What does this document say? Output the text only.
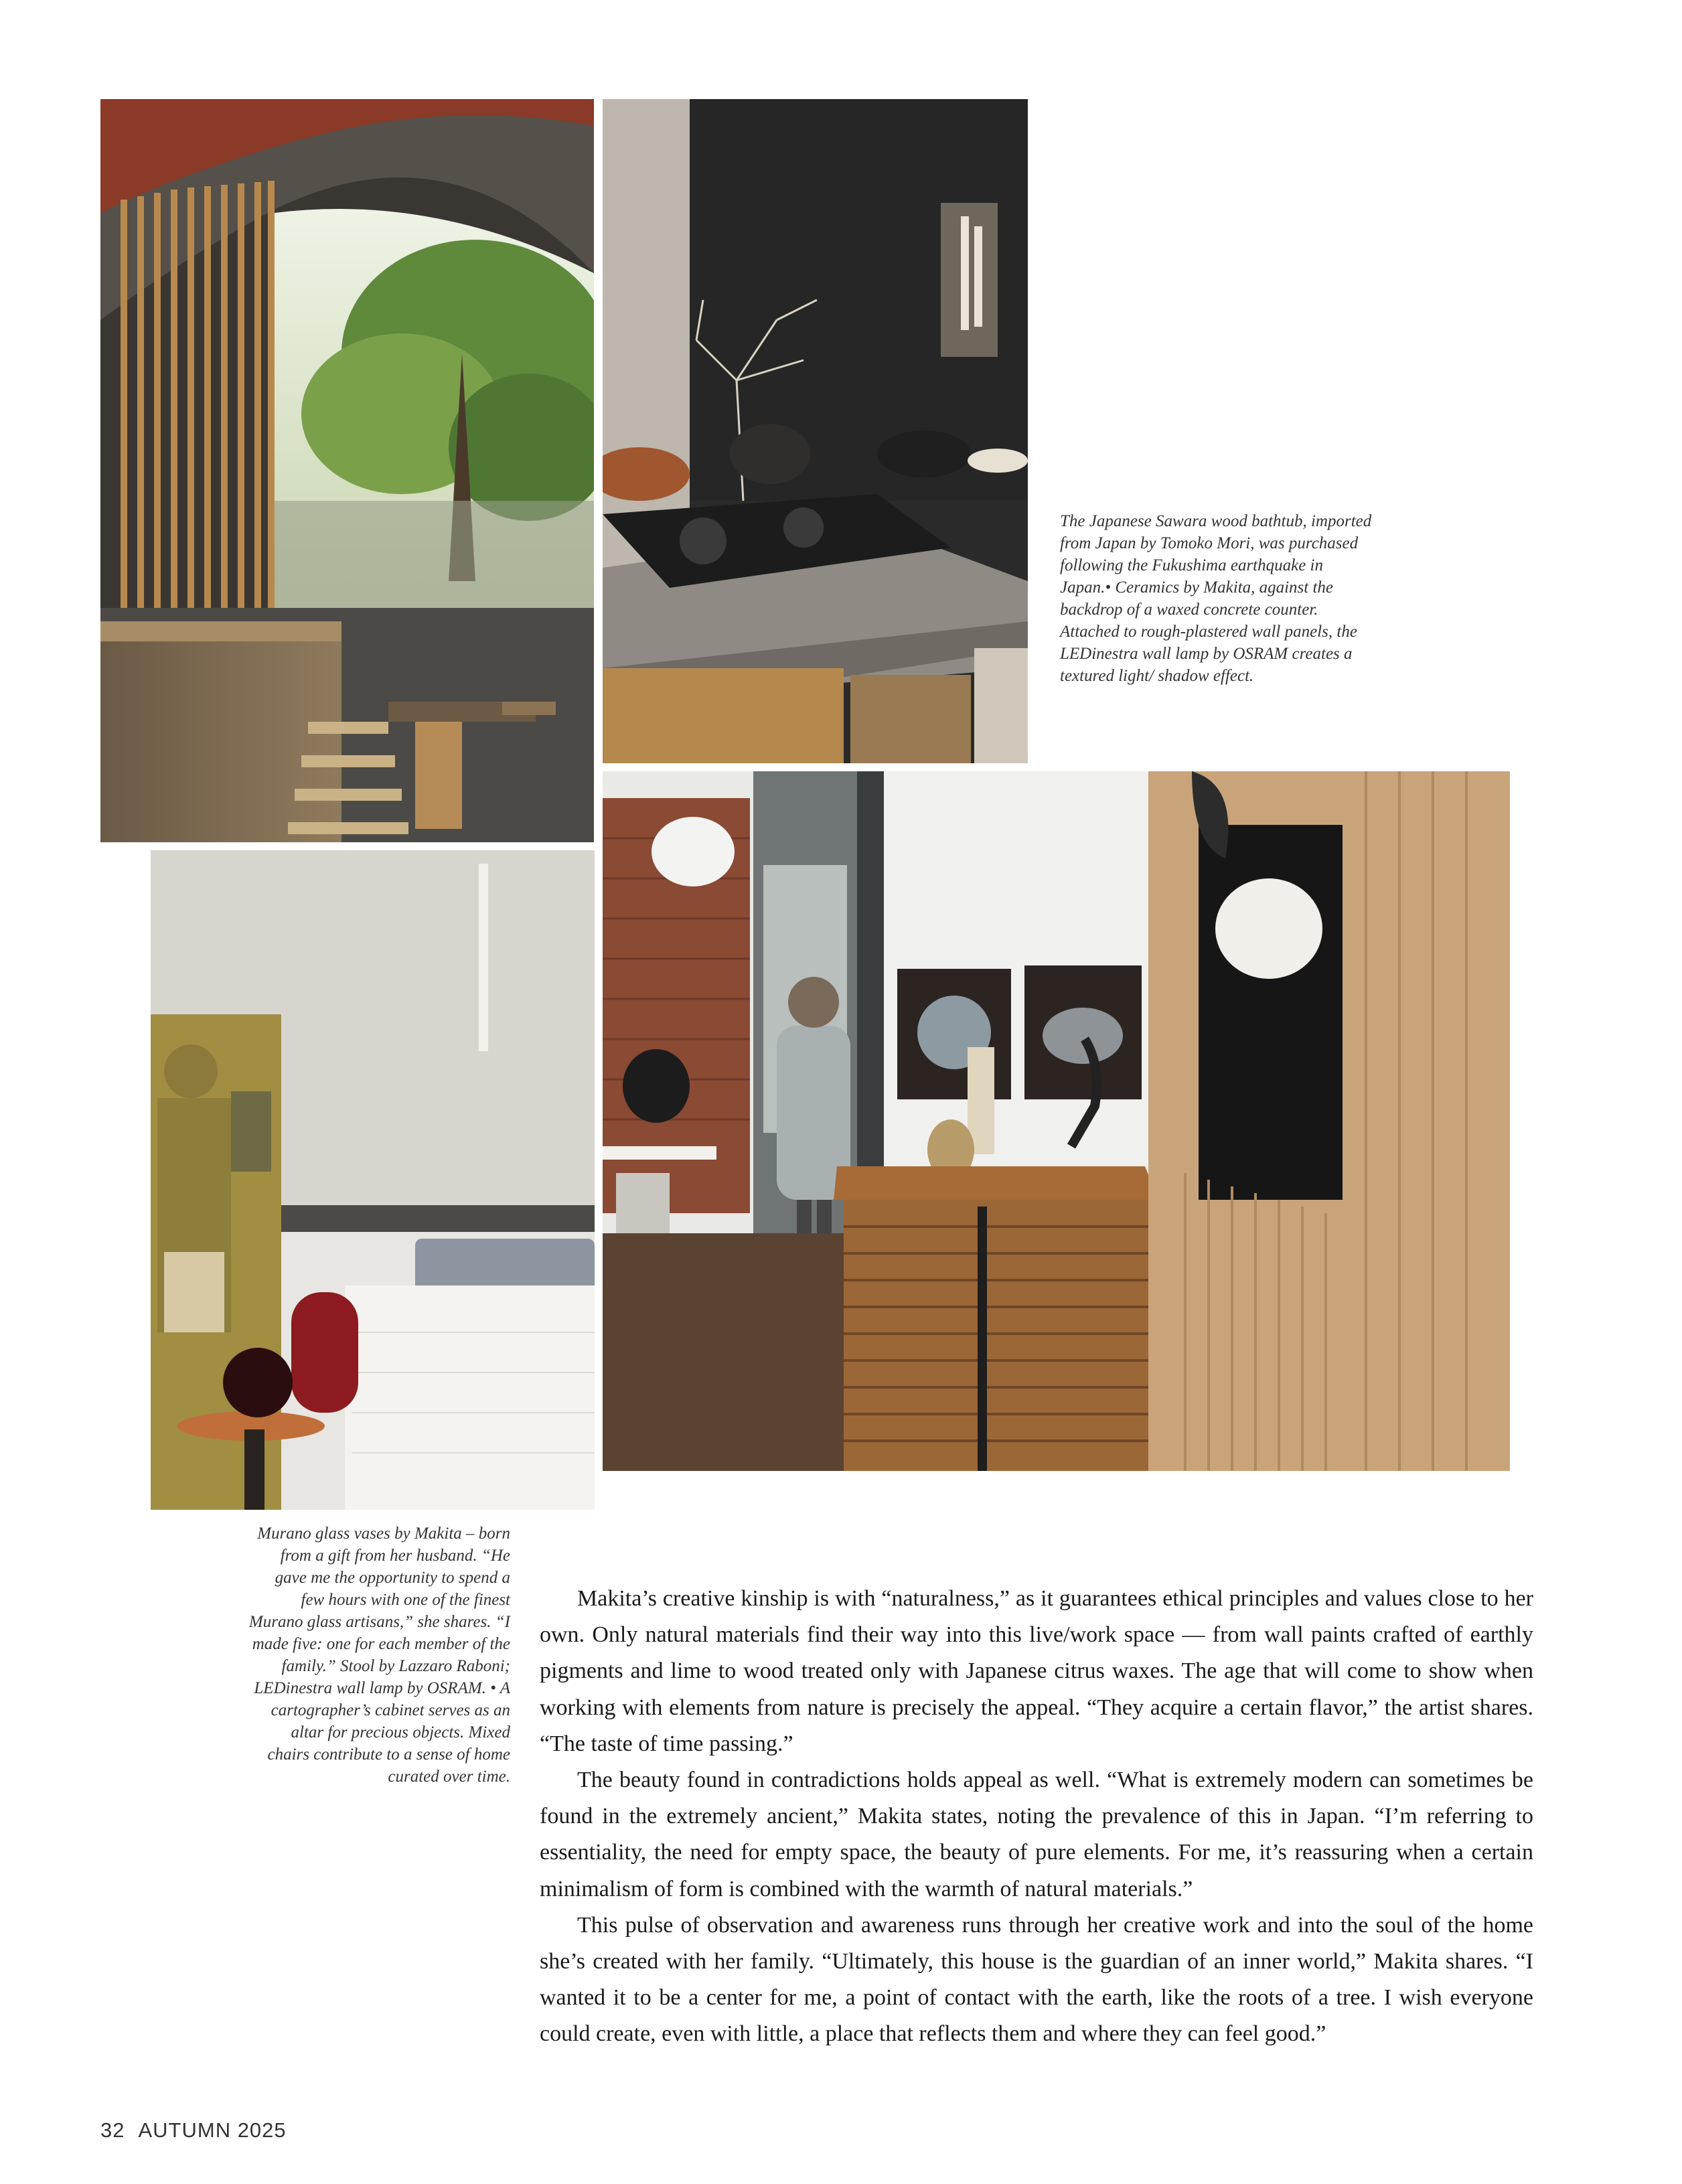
The Japanese Sawara wood bathtub, imported from Japan by Tomoko Mori, was purchased following the Fukushima earthquake in Japan.• Ceramics by Makita, against the backdrop of a waxed concrete counter. Attached to rough-plastered wall panels, the LEDinestra wall lamp by OSRAM creates a textured light/ shadow effect.
Murano glass vases by Makita – born from a gift from her husband. “He gave me the opportunity to spend a few hours with one of the finest Murano glass artisans,” she shares. “I made five: one for each member of the family.” Stool by Lazzaro Raboni; LEDinestra wall lamp by OSRAM. • A cartographer’s cabinet serves as an altar for precious objects. Mixed chairs contribute to a sense of home curated over time.

Makita’s creative kinship is with “naturalness,” as it guarantees ethical principles and values close to her own. Only natural materials find their way into this live/work space — from wall paints crafted of earthly pigments and lime to wood treated only with Japanese citrus waxes. The age that will come to show when working with elements from nature is precisely the appeal. “They acquire a certain flavor,” the artist shares. “The taste of time passing.”

The beauty found in contradictions holds appeal as well. “What is extremely modern can sometimes be found in the extremely ancient,” Makita states, noting the prevalence of this in Japan. “I’m referring to essentiality, the need for empty space, the beauty of pure elements. For me, it’s reassuring when a certain minimalism of form is combined with the warmth of natural materials.”

This pulse of observation and awareness runs through her creative work and into the soul of the home she’s created with her family. “Ultimately, this house is the guardian of an inner world,” Makita shares. “I wanted it to be a center for me, a point of contact with the earth, like the roots of a tree. I wish everyone could create, even with little, a place that reflects them and where they can feel good.”

32 AUTUMN 2025
